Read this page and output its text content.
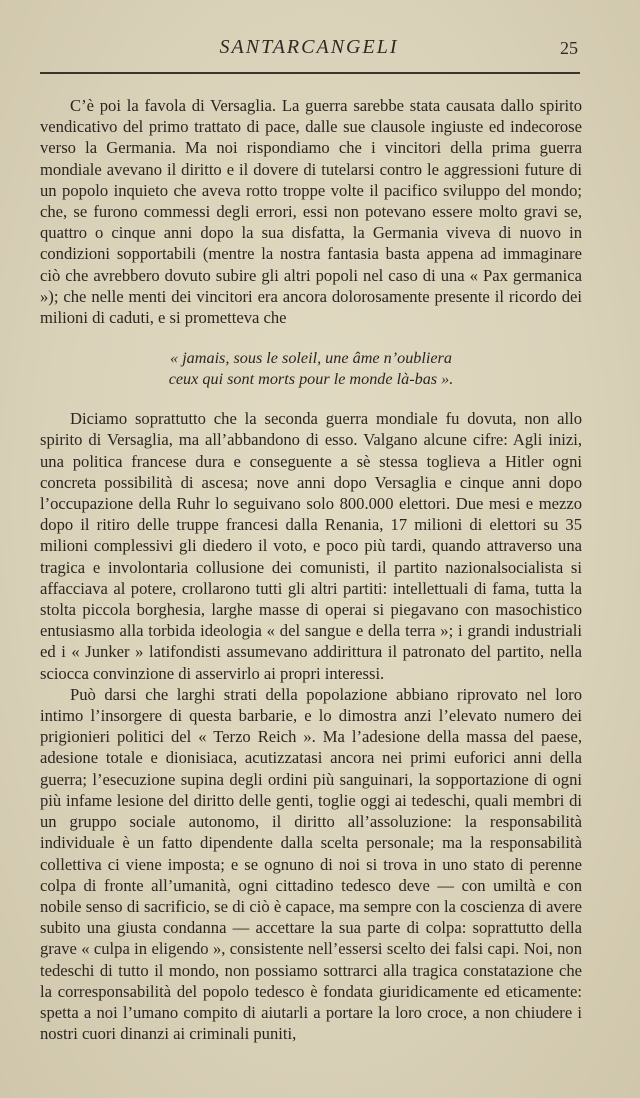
SANTARCANGELI	25

C’è poi la favola di Versaglia. La guerra sarebbe stata causata dallo spirito vendicativo del primo trattato di pace, dalle sue clausole ingiuste ed indecorose verso la Germania. Ma noi rispondiamo che i vincitori della prima guerra mondiale avevano il diritto e il dovere di tutelarsi contro le aggressioni future di un popolo inquieto che aveva rotto troppe volte il pacifico sviluppo del mondo; che, se furono commessi degli errori, essi non potevano essere molto gravi se, quattro o cinque anni dopo la sua disfatta, la Germania viveva di nuovo in condizioni sopportabili (mentre la nostra fantasia basta appena ad immaginare ciò che avrebbero dovuto subire gli altri popoli nel caso di una « Pax germanica »); che nelle menti dei vincitori era ancora dolorosamente presente il ricordo dei milioni di caduti, e si prometteva che

« jamais, sous le soleil, une âme n’oubliera

ceux qui sont morts pour le monde là-bas ».

Diciamo soprattutto che la seconda guerra mondiale fu dovuta, non allo spirito di Versaglia, ma all’abbandono di esso. Valgano alcune cifre: Agli inizi, una politica francese dura e conseguente a sè stessa toglieva a Hitler ogni concreta possibilità di ascesa; nove anni dopo Versaglia e cinque anni dopo l’occupazione della Ruhr lo seguivano solo 800.000 elettori. Due mesi e mezzo dopo il ritiro delle truppe francesi dalla Renania, 17 milioni di elettori su 35 milioni complessivi gli diedero il voto, e poco più tardi, quando attraverso una tragica e involontaria collusione dei comunisti, il partito nazionalsocialista si affacciava al potere, crollarono tutti gli altri partiti: intellettuali di fama, tutta la stolta piccola borghesia, larghe masse di operai si piegavano con masochistico entusiasmo alla torbida ideologia « del sangue e della terra »; i grandi industriali ed i « Junker » latifondisti assumevano addirittura il patronato del partito, nella sciocca convinzione di asservirlo ai propri interessi.

Può darsi che larghi strati della popolazione abbiano riprovato nel loro intimo l’insorgere di questa barbarie, e lo dimostra anzi l’elevato numero dei prigionieri politici del « Terzo Reich ». Ma l’adesione della massa del paese, adesione totale e dionisiaca, acutizzatasi ancora nei primi euforici anni della guerra; l’esecuzione supina degli ordini più sanguinari, la sopportazione di ogni più infame lesione del diritto delle genti, toglie oggi ai tedeschi, quali membri di un gruppo sociale autonomo, il diritto all’assoluzione: la responsabilità individuale è un fatto dipendente dalla scelta personale; ma la responsabilità collettiva ci viene imposta; e se ognuno di noi si trova in uno stato di perenne colpa di fronte all’umanità, ogni cittadino tedesco deve — con umiltà e con nobile senso di sacrificio, se di ciò è capace, ma sempre con la coscienza di avere subito una giusta condanna — accettare la sua parte di colpa: soprattutto della grave « culpa in eligendo », consistente nell’essersi scelto dei falsi capi. Noi, non tedeschi di tutto il mondo, non possiamo sottrarci alla tragica constatazione che la corresponsabilità del popolo tedesco è fondata giuridicamente ed eticamente: spetta a noi l’umano compito di aiutarli a portare la loro croce, a non chiudere i nostri cuori dinanzi ai criminali puniti,
